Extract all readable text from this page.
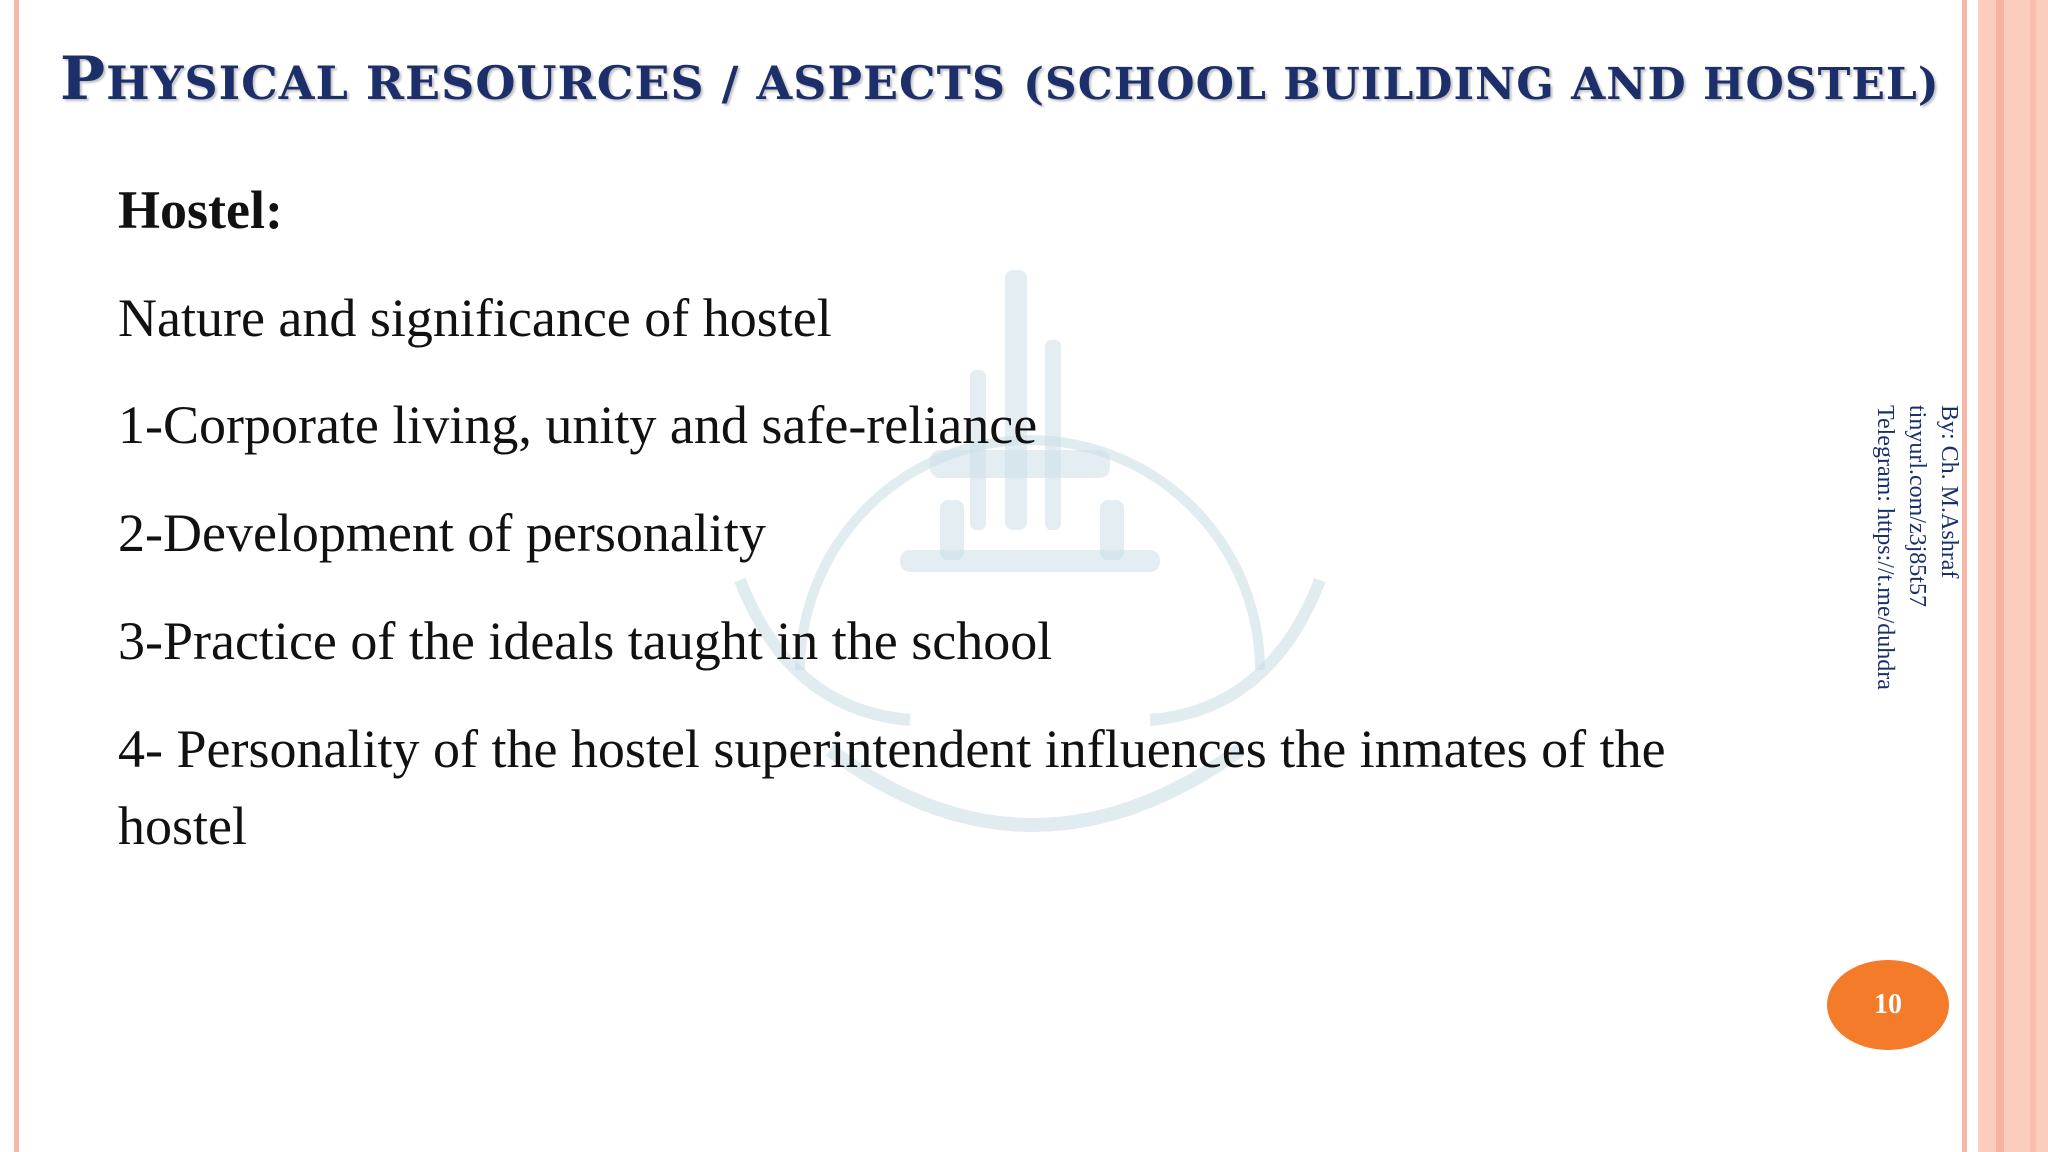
PHYSICAL RESOURCES / ASPECTS (SCHOOL BUILDING AND HOSTEL)

Hostel:

Nature and significance of hostel

1-Corporate living, unity and safe-reliance

2-Development of personality

3-Practice of the ideals taught in the school

4- Personality of the hostel superintendent influences the inmates of the hostel

By: Ch. M.Ashraf
tinyurl.com/z3j85t57
Telegram: https://t.me/duhdra
10
